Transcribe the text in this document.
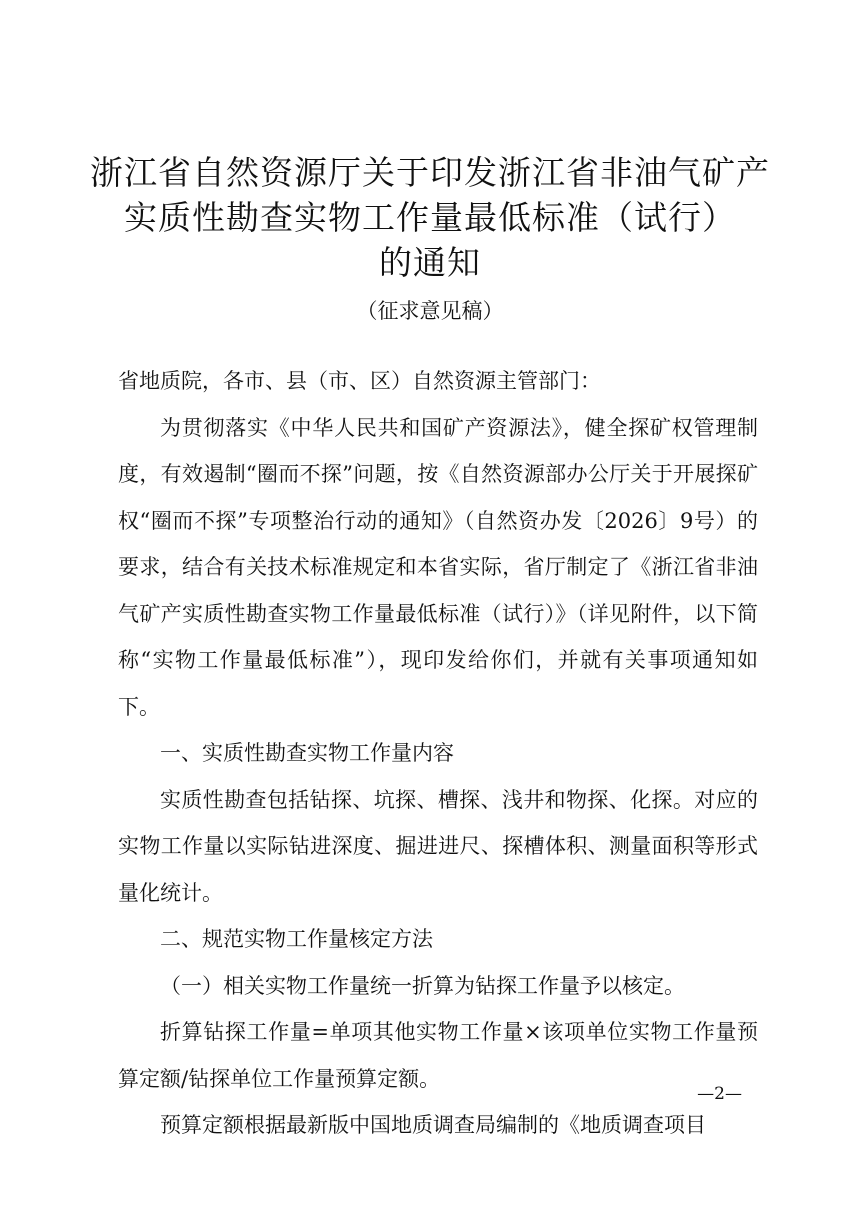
浙江省自然资源厅关于印发浙江省非油气矿产
实质性勘查实物工作量最低标准（试行）
的通知
（征求意见稿）

省地质院，各市、县（市、区）自然资源主管部门：

为贯彻落实《中华人民共和国矿产资源法》，健全探矿权管理制度，有效遏制“圈而不探”问题，按《自然资源部办公厅关于开展探矿权“圈而不探”专项整治行动的通知》（自然资办发〔2026〕9号）的要求，结合有关技术标准规定和本省实际，省厅制定了《浙江省非油气矿产实质性勘查实物工作量最低标准（试行）》（详见附件，以下简称“实物工作量最低标准”），现印发给你们，并就有关事项通知如下。

一、实质性勘查实物工作量内容

实质性勘查包括钻探、坑探、槽探、浅井和物探、化探。对应的实物工作量以实际钻进深度、掘进进尺、探槽体积、测量面积等形式量化统计。

二、规范实物工作量核定方法

（一）相关实物工作量统一折算为钻探工作量予以核定。

折算钻探工作量=单项其他实物工作量×该项单位实物工作量预算定额/钻探单位工作量预算定额。

预算定额根据最新版中国地质调查局编制的《地质调查项目

—2—
